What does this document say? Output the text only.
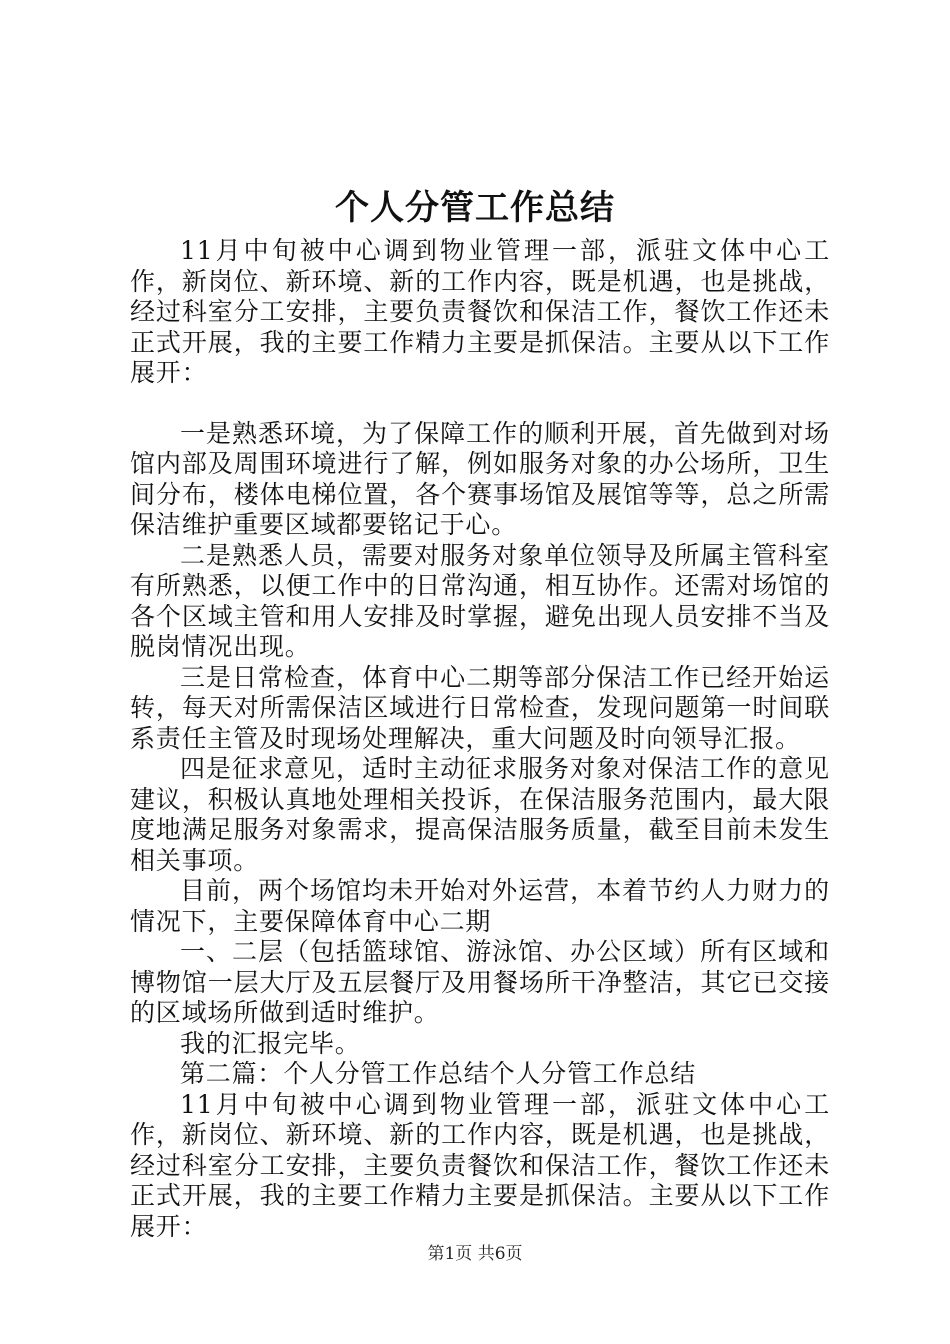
个人分管工作总结

11月中旬被中心调到物业管理一部，派驻文体中心工作，新岗位、新环境、新的工作内容，既是机遇，也是挑战，经过科室分工安排，主要负责餐饮和保洁工作，餐饮工作还未正式开展，我的主要工作精力主要是抓保洁。主要从以下工作展开：

一是熟悉环境，为了保障工作的顺利开展，首先做到对场馆内部及周围环境进行了解，例如服务对象的办公场所，卫生间分布，楼体电梯位置，各个赛事场馆及展馆等等，总之所需保洁维护重要区域都要铭记于心。

二是熟悉人员，需要对服务对象单位领导及所属主管科室有所熟悉，以便工作中的日常沟通，相互协作。还需对场馆的各个区域主管和用人安排及时掌握，避免出现人员安排不当及脱岗情况出现。

三是日常检查，体育中心二期等部分保洁工作已经开始运转，每天对所需保洁区域进行日常检查，发现问题第一时间联系责任主管及时现场处理解决，重大问题及时向领导汇报。

四是征求意见，适时主动征求服务对象对保洁工作的意见建议，积极认真地处理相关投诉，在保洁服务范围内，最大限度地满足服务对象需求，提高保洁服务质量，截至目前未发生相关事项。

目前，两个场馆均未开始对外运营，本着节约人力财力的情况下，主要保障体育中心二期

一、二层（包括篮球馆、游泳馆、办公区域）所有区域和博物馆一层大厅及五层餐厅及用餐场所干净整洁，其它已交接的区域场所做到适时维护。

我的汇报完毕。

第二篇：个人分管工作总结个人分管工作总结

11月中旬被中心调到物业管理一部，派驻文体中心工作，新岗位、新环境、新的工作内容，既是机遇，也是挑战，经过科室分工安排，主要负责餐饮和保洁工作，餐饮工作还未正式开展，我的主要工作精力主要是抓保洁。主要从以下工作展开：

第1页 共6页
